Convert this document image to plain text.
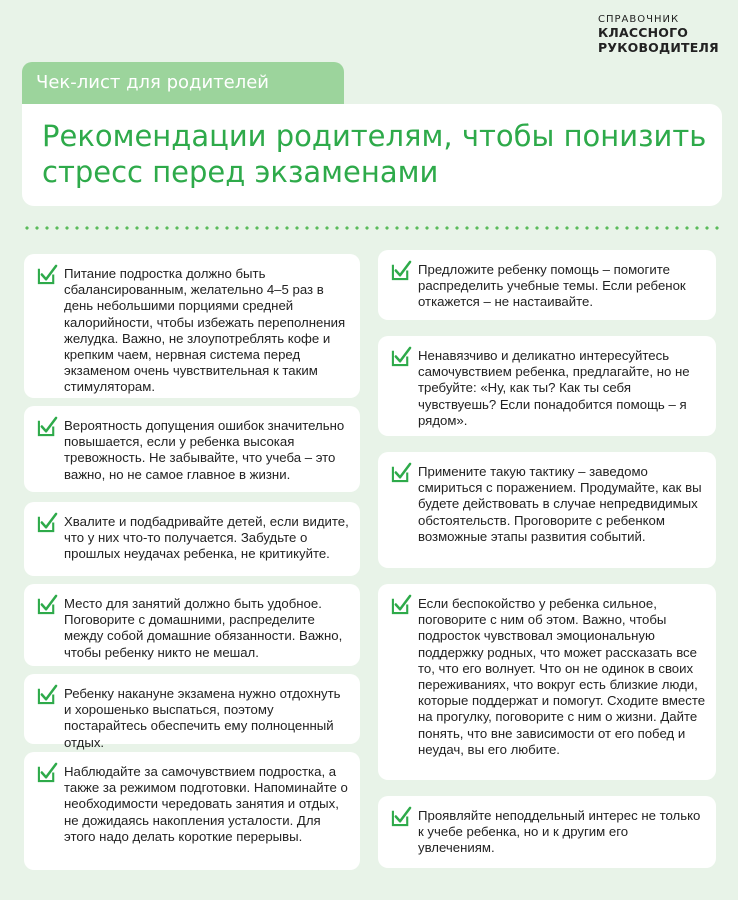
СПРАВОЧНИК
КЛАССНОГО
РУКОВОДИТЕЛЯ
Чек-лист для родителей
Рекомендации родителям, чтобы понизить
стресс перед экзаменами
Питание подростка должно быть сбалансированным, желательно 4–5 раз в день небольшими порциями средней калорийности, чтобы избежать переполнения желудка. Важно, не злоупотреблять кофе и крепким чаем, нервная система перед экзаменом очень чувствительная к таким стимуляторам.
Вероятность допущения ошибок значительно повышается, если у ребенка высокая тревожность. Не забывайте, что учеба – это важно, но не самое главное в жизни.
Хвалите и подбадривайте детей, если видите, что у них что-то получается. Забудьте о прошлых неудачах ребенка, не критикуйте.
Место для занятий должно быть удобное. Поговорите с домашними, распределите между собой домашние обязанности. Важно, чтобы ребенку никто не мешал.
Ребенку накануне экзамена нужно отдохнуть и хорошенько выспаться, поэтому постарайтесь обеспечить ему полноценный отдых.
Наблюдайте за самочувствием подростка, а также за режимом подготовки. Напоминайте о необходимости чередовать занятия и отдых, не дожидаясь накопления усталости. Для этого надо делать короткие перерывы.
Предложите ребенку помощь – помогите распределить учебные темы. Если ребенок откажется – не настаивайте.
Ненавязчиво и деликатно интересуйтесь самочувствием ребенка, предлагайте, но не требуйте: «Ну, как ты? Как ты себя чувствуешь? Если понадобится помощь – я рядом».
Примените такую тактику – заведомо смириться с поражением. Продумайте, как вы будете действовать в случае непредвидимых обстоятельств. Проговорите с ребенком возможные этапы развития событий.
Если беспокойство у ребенка сильное, поговорите с ним об этом. Важно, чтобы подросток чувствовал эмоциональную поддержку родных, что может рассказать все то, что его волнует. Что он не одинок в своих переживаниях, что вокруг есть близкие люди, которые поддержат и помогут. Сходите вместе на прогулку, поговорите с ним о жизни. Дайте понять, что вне зависимости от его побед и неудач, вы его любите.
Проявляйте неподдельный интерес не только к учебе ребенка, но и к другим его увлечениям.
